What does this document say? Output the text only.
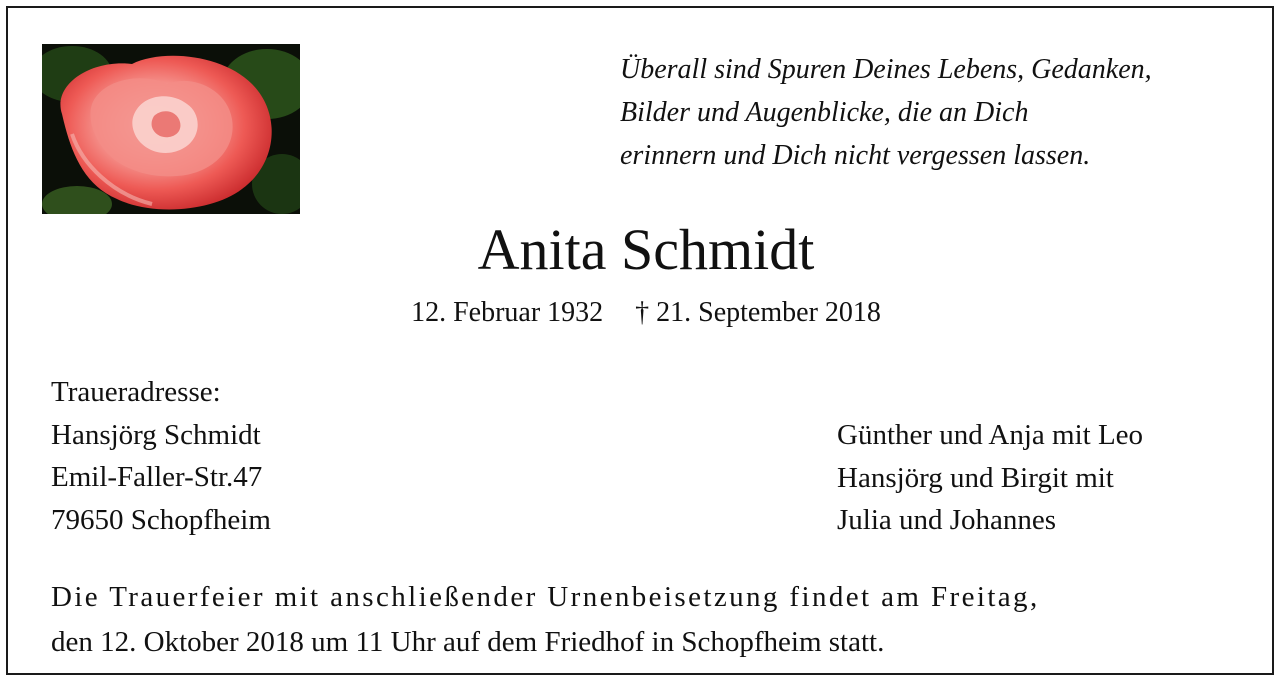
Überall sind Spuren Deines Lebens, Gedanken,
Bilder und Augenblicke, die an Dich
erinnern und Dich nicht vergessen lassen.
Anita Schmidt
12. Februar 1932 † 21. September 2018
Traueradresse:
Hansjörg Schmidt
Emil-Faller-Str.47
79650 Schopfheim
Günther und Anja mit Leo
Hansjörg und Birgit mit
Julia und Johannes
Die Trauerfeier mit anschließender Urnenbeisetzung findet am Freitag,
den 12. Oktober 2018 um 11 Uhr auf dem Friedhof in Schopfheim statt.
